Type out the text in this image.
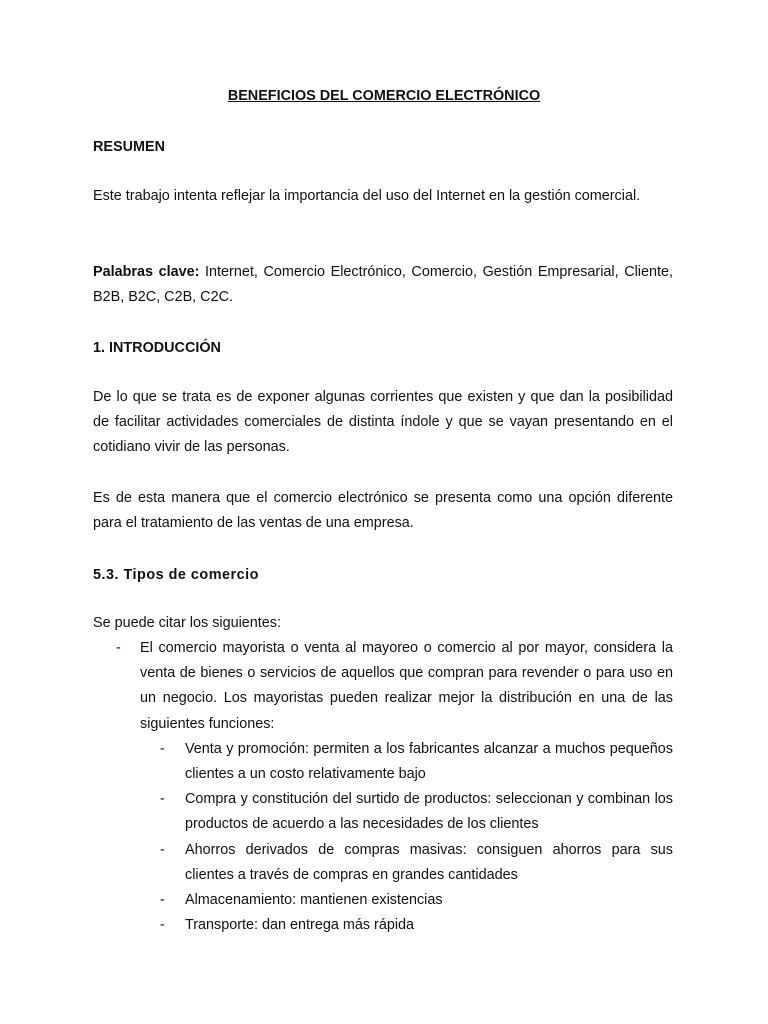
BENEFICIOS DEL COMERCIO ELECTRÓNICO

RESUMEN

Este trabajo intenta reflejar la importancia del uso del Internet en la gestión comercial.

Palabras clave: Internet, Comercio Electrónico, Comercio, Gestión Empresarial, Cliente, B2B, B2C, C2B, C2C.

1. INTRODUCCIÓN

De lo que se trata es de exponer algunas corrientes que existen y que dan la posibilidad de facilitar actividades comerciales de distinta índole y que se vayan presentando en el cotidiano vivir de las personas.

Es de esta manera que el comercio electrónico se presenta como una opción diferente para el tratamiento de las ventas de una empresa.

5.3. Tipos de comercio

Se puede citar los siguientes:

- El comercio mayorista o venta al mayoreo o comercio al por mayor, considera la venta de bienes o servicios de aquellos que compran para revender o para uso en un negocio. Los mayoristas pueden realizar mejor la distribución en una de las siguientes funciones:
- Venta y promoción: permiten a los fabricantes alcanzar a muchos pequeños clientes a un costo relativamente bajo
- Compra y constitución del surtido de productos: seleccionan y combinan los productos de acuerdo a las necesidades de los clientes
- Ahorros derivados de compras masivas: consiguen ahorros para sus clientes a través de compras en grandes cantidades
- Almacenamiento: mantienen existencias
- Transporte: dan entrega más rápida
